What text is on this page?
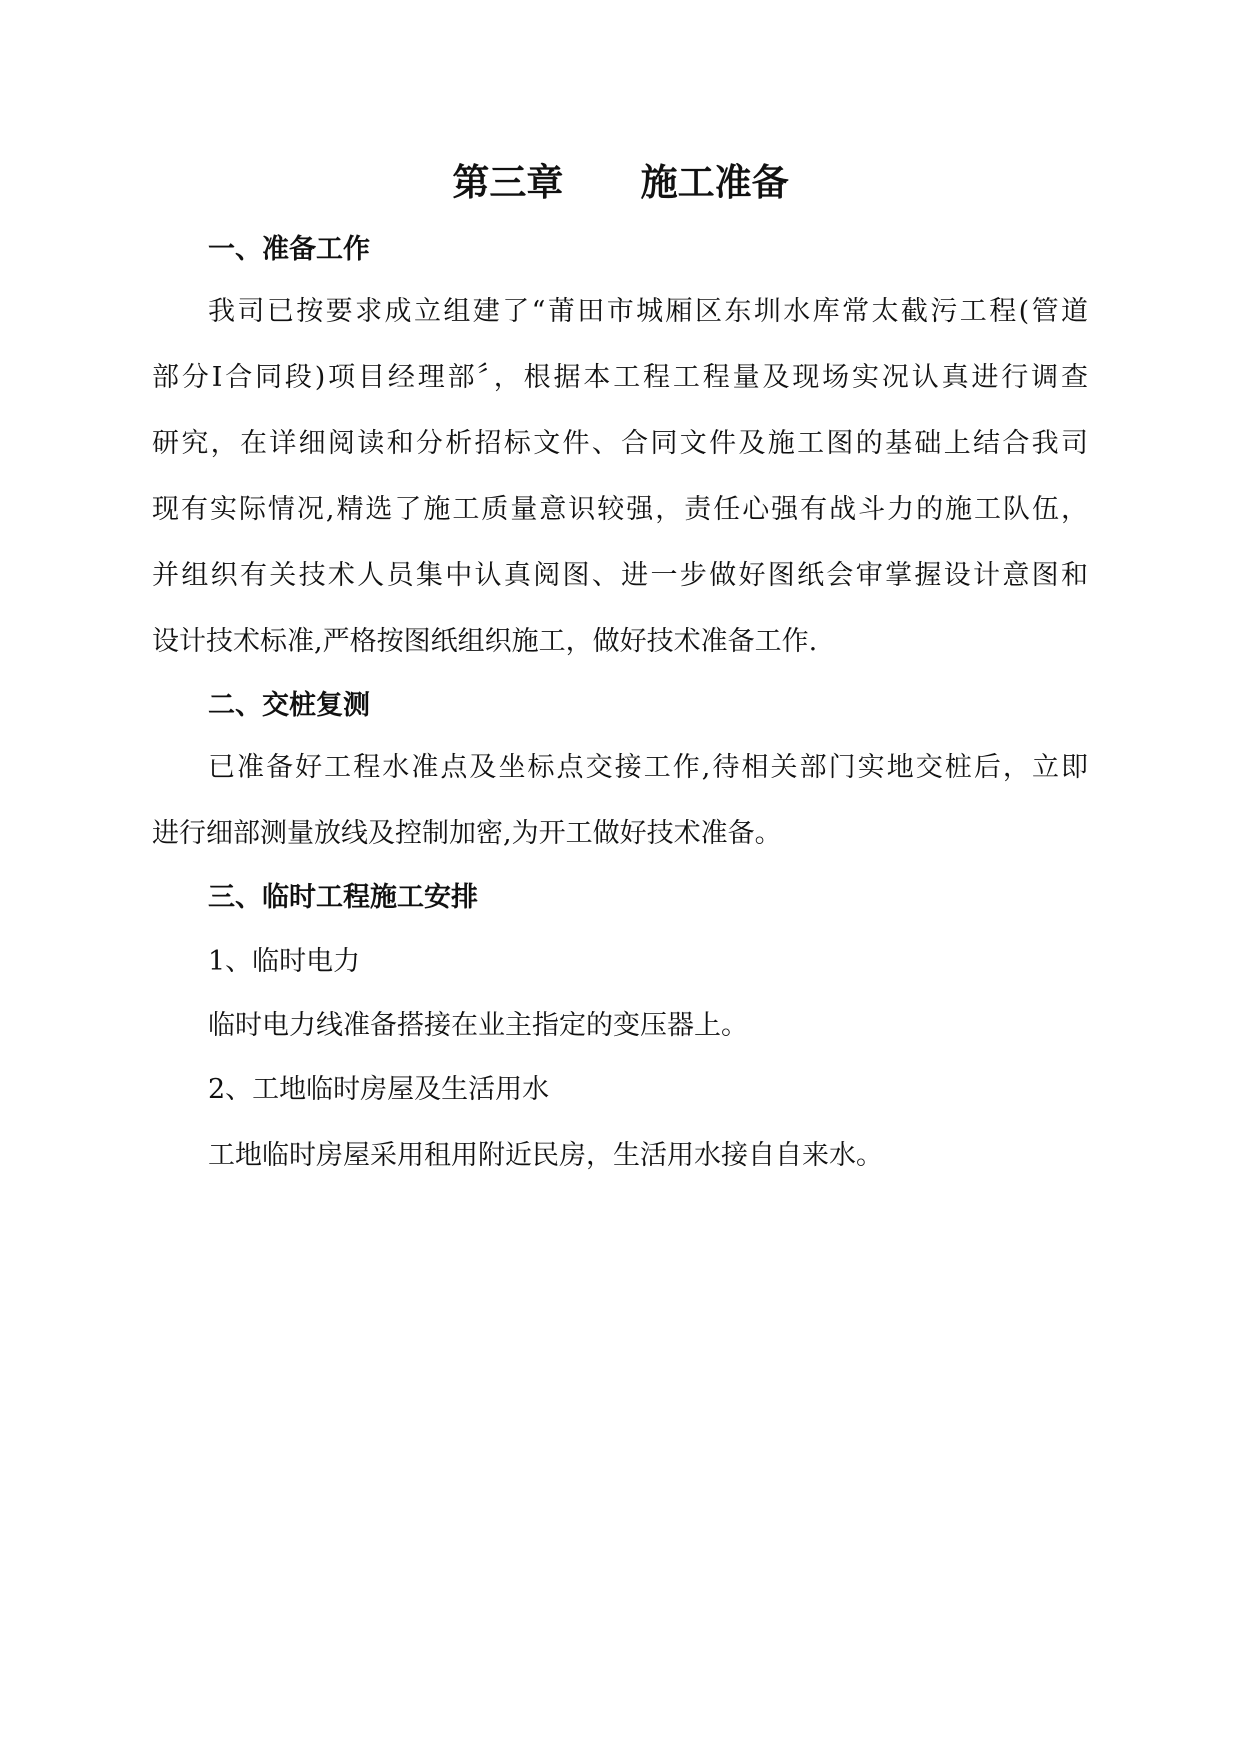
第三章      施工准备
一、准备工作
我司已按要求成立组建了“莆田市城厢区东圳水库常太截污工程(管道
部分Ⅰ合同段)项目经理部〞，根据本工程工程量及现场实况认真进行调查
研究，在详细阅读和分析招标文件、合同文件及施工图的基础上结合我司
现有实际情况,精选了施工质量意识较强，责任心强有战斗力的施工队伍，
并组织有关技术人员集中认真阅图、进一步做好图纸会审掌握设计意图和
设计技术标准,严格按图纸组织施工，做好技术准备工作.
二、交桩复测
已准备好工程水准点及坐标点交接工作,待相关部门实地交桩后，立即
进行细部测量放线及控制加密,为开工做好技术准备。
三、临时工程施工安排
1、临时电力
临时电力线准备搭接在业主指定的变压器上。
2、工地临时房屋及生活用水
工地临时房屋采用租用附近民房，生活用水接自自来水。
